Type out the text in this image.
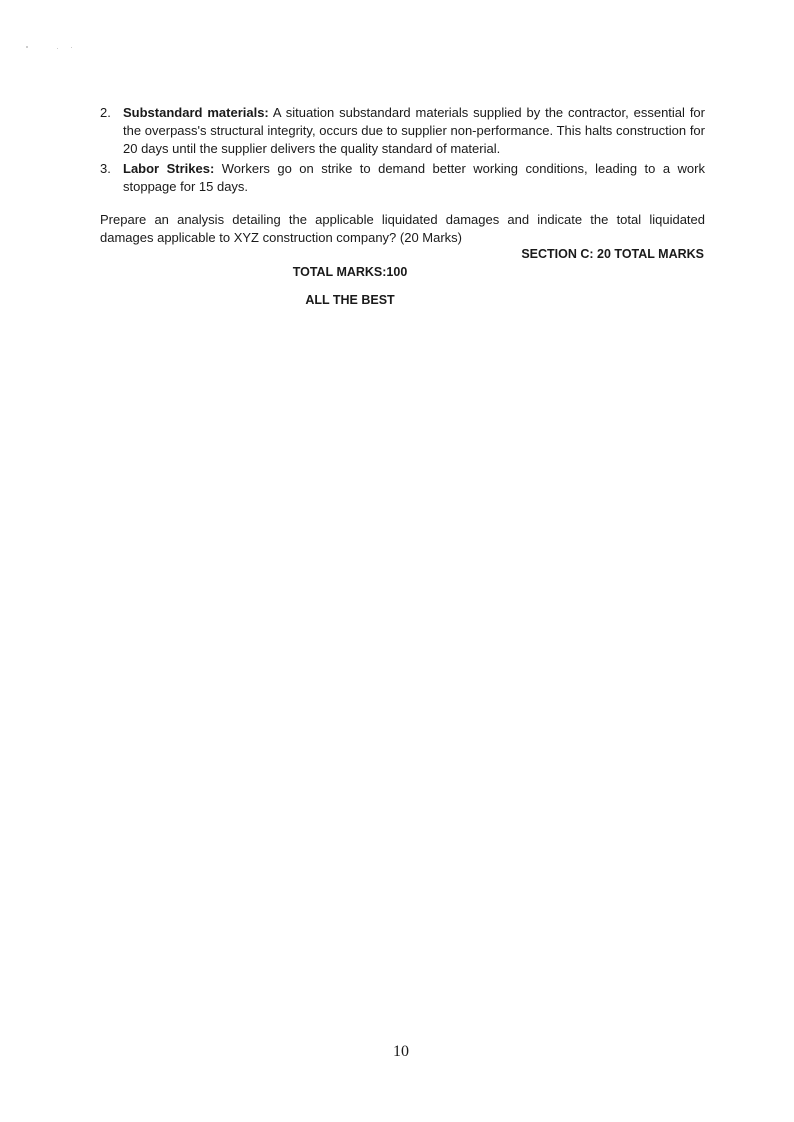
2. Substandard materials: A situation substandard materials supplied by the contractor, essential for the overpass's structural integrity, occurs due to supplier non-performance. This halts construction for 20 days until the supplier delivers the quality standard of material.
3. Labor Strikes: Workers go on strike to demand better working conditions, leading to a work stoppage for 15 days.

Prepare an analysis detailing the applicable liquidated damages and indicate the total liquidated damages applicable to XYZ construction company? (20 Marks)

SECTION C: 20 TOTAL MARKS
TOTAL MARKS:100
ALL THE BEST
10
